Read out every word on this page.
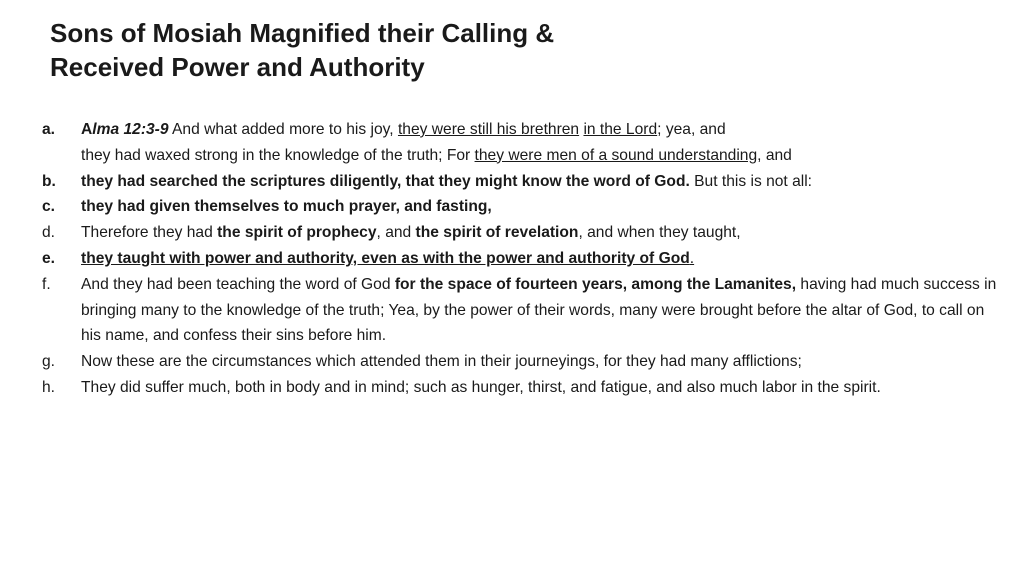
Sons of Mosiah Magnified their Calling &
Received Power and Authority
a.	Alma 12:3-9 And what added more to his joy, they were still his brethren in the Lord; yea, and
they had waxed strong in the knowledge of the truth; For they were men of a sound understanding, and
b.	they had searched the scriptures diligently, that they might know the word of God. But this is not all:
c.	they had given themselves to much prayer, and fasting,
d.	Therefore they had the spirit of prophecy, and the spirit of revelation, and when they taught,
e.	they taught with power and authority, even as with the power and authority of God.
f.	And they had been teaching the word of God for the space of fourteen years, among the Lamanites, having had much success in bringing many to the knowledge of the truth; Yea, by the power of their words, many were brought before the altar of God, to call on his name, and confess their sins before him.
g.	Now these are the circumstances which attended them in their journeyings, for they had many afflictions;
h.	They did suffer much, both in body and in mind; such as hunger, thirst, and fatigue, and also much labor in the spirit.
